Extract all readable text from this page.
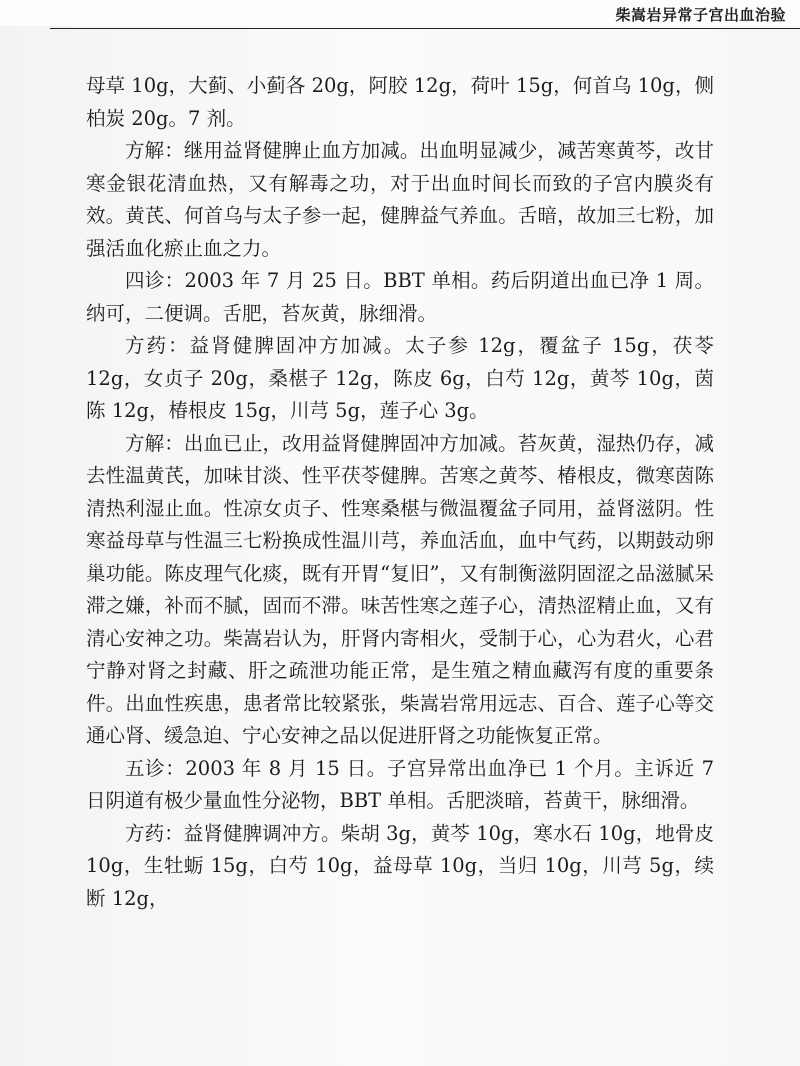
柴嵩岩异常子宫出血治验

母草 10g，大蓟、小蓟各 20g，阿胶 12g，荷叶 15g，何首乌 10g，侧柏炭 20g。7 剂。

方解：继用益肾健脾止血方加减。出血明显减少，减苦寒黄芩，改甘寒金银花清血热，又有解毒之功，对于出血时间长而致的子宫内膜炎有效。黄芪、何首乌与太子参一起，健脾益气养血。舌暗，故加三七粉，加强活血化瘀止血之力。

四诊：2003 年 7 月 25 日。BBT 单相。药后阴道出血已净 1 周。纳可，二便调。舌肥，苔灰黄，脉细滑。

方药：益肾健脾固冲方加减。太子参 12g，覆盆子 15g，茯苓 12g，女贞子 20g，桑椹子 12g，陈皮 6g，白芍 12g，黄芩 10g，茵陈 12g，椿根皮 15g，川芎 5g，莲子心 3g。

方解：出血已止，改用益肾健脾固冲方加减。苔灰黄，湿热仍存，减去性温黄芪，加味甘淡、性平茯苓健脾。苦寒之黄芩、椿根皮，微寒茵陈清热利湿止血。性凉女贞子、性寒桑椹与微温覆盆子同用，益肾滋阴。性寒益母草与性温三七粉换成性温川芎，养血活血，血中气药，以期鼓动卵巢功能。陈皮理气化痰，既有开胃“复旧”，又有制衡滋阴固涩之品滋腻呆滞之嫌，补而不腻，固而不滞。味苦性寒之莲子心，清热涩精止血，又有清心安神之功。柴嵩岩认为，肝肾内寄相火，受制于心，心为君火，心君宁静对肾之封藏、肝之疏泄功能正常，是生殖之精血藏泻有度的重要条件。出血性疾患，患者常比较紧张，柴嵩岩常用远志、百合、莲子心等交通心肾、缓急迫、宁心安神之品以促进肝肾之功能恢复正常。

五诊：2003 年 8 月 15 日。子宫异常出血净已 1 个月。主诉近 7 日阴道有极少量血性分泌物，BBT 单相。舌肥淡暗，苔黄干，脉细滑。

方药：益肾健脾调冲方。柴胡 3g，黄芩 10g，寒水石 10g，地骨皮 10g，生牡蛎 15g，白芍 10g，益母草 10g，当归 10g，川芎 5g，续断 12g，
